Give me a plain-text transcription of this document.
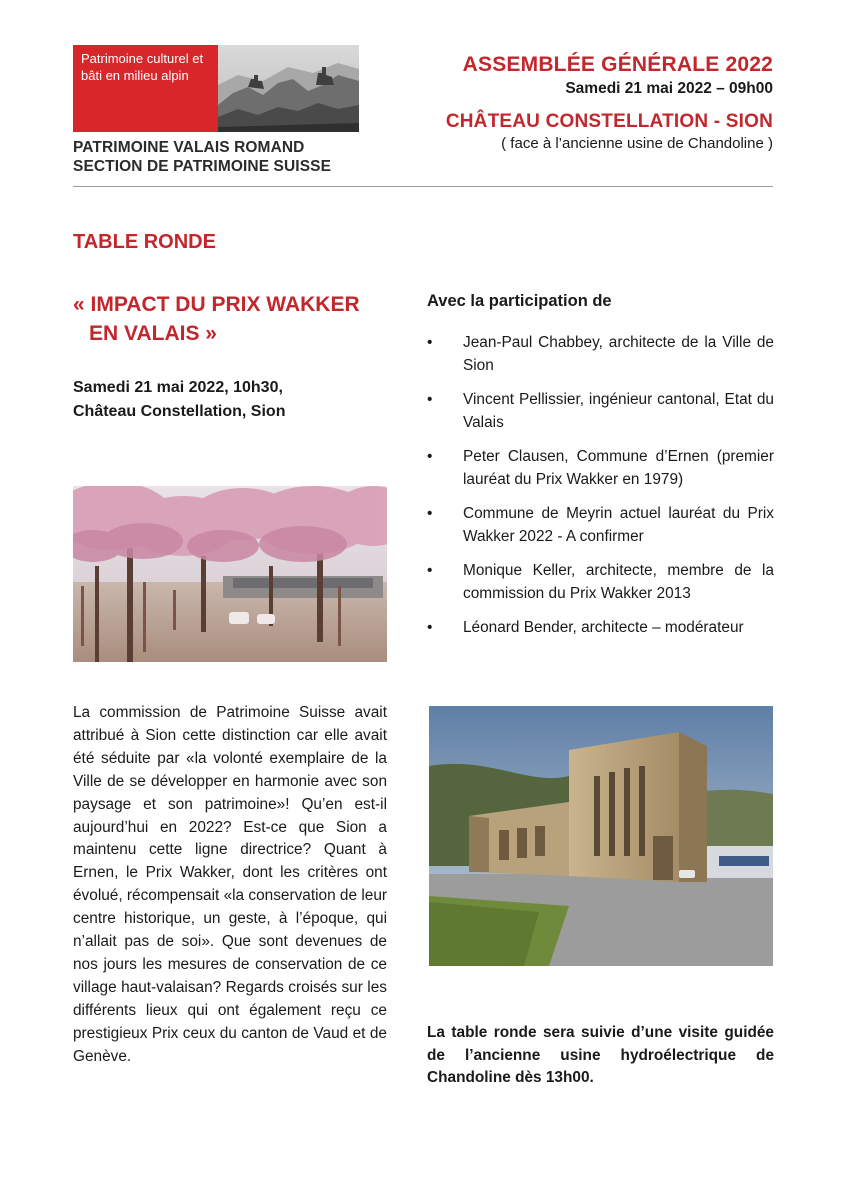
Patrimoine culturel et
bâti en milieu alpin
PATRIMOINE VALAIS ROMAND
SECTION DE PATRIMOINE SUISSE
ASSEMBLÉE GÉNÉRALE 2022
Samedi 21 mai 2022 – 09h00
CHÂTEAU CONSTELLATION - SION
( face à l’ancienne usine de Chandoline )
TABLE RONDE
« IMPACT DU PRIX WAKKER
EN VALAIS »
Samedi 21 mai 2022, 10h30,
Château Constellation, Sion
La commission de Patrimoine Suisse avait attribué à Sion cette distinction car elle avait été séduite par «la volonté exemplaire de la Ville de se développer en harmonie avec son paysage et son patrimoine»! Qu’en est-il aujourd’hui en 2022? Est-ce que Sion a maintenu cette ligne directrice? Quant à Ernen, le Prix Wakker, dont les critères ont évolué, récompensait «la conservation de leur centre historique, un geste, à l’époque, qui n’allait pas de soi». Que sont devenues de nos jours les mesures de conservation de ce village haut-valaisan? Regards croisés sur les différents lieux qui ont également reçu ce prestigieux Prix ceux du canton de Vaud et de Genève.
Avec la participation de
• Jean-Paul Chabbey, architecte de la Ville de Sion
• Vincent Pellissier, ingénieur cantonal, Etat du Valais
• Peter Clausen, Commune d’Ernen (premier lauréat du Prix Wakker en 1979)
• Commune de Meyrin actuel lauréat du Prix Wakker 2022 - A confirmer
• Monique Keller, architecte, membre de la commission du Prix Wakker 2013
• Léonard Bender, architecte – modérateur
La table ronde sera suivie d’une visite guidée de l’ancienne usine hydroélectrique de Chandoline dès 13h00.
